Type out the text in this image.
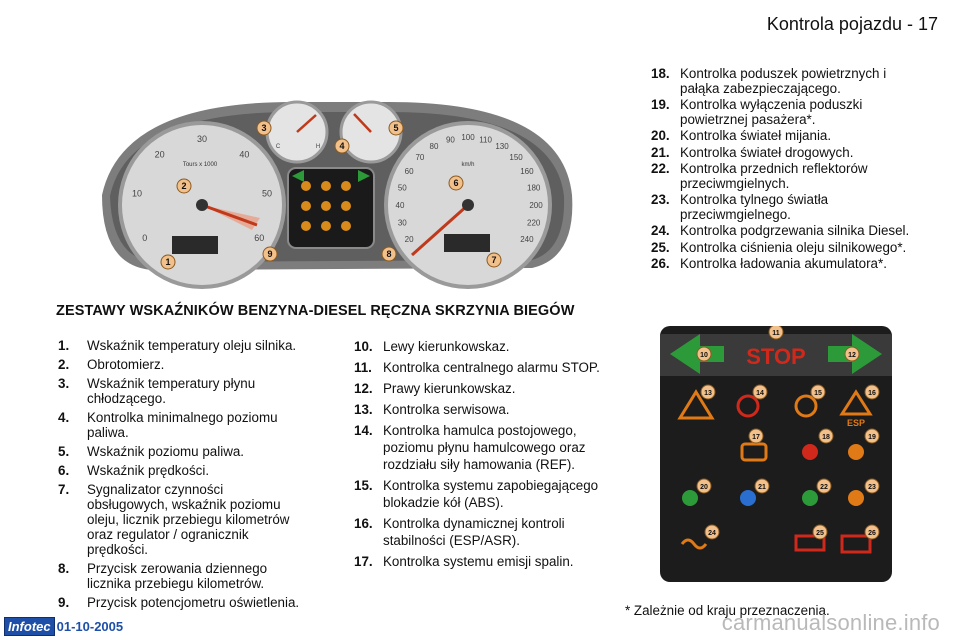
Kontrola pojazdu - 17
1
2
3
4
5
6
7
8
9
Tours x 1000	km/h
0
10
20
30
40
50
60	20
30
40
50
60
70
80
90 100 110
130
150
160
180
200
220
240
C	H
ZESTAWY WSKAŹNIKÓW BENZYNA-DIESEL RĘCZNA SKRZYNIA BIEGÓW
1.	Wskaźnik temperatury oleju silnika.
2.	Obrotomierz.
3.	Wskaźnik temperatury płynu chłodzącego.
4.	Kontrolka minimalnego poziomu paliwa.
5.	Wskaźnik poziomu paliwa.
6.	Wskaźnik prędkości.
7.	Sygnalizator czynności obsługowych, wskaźnik poziomu oleju, licznik przebiegu kilometrów oraz regulator / ogranicznik prędkości.
8.	Przycisk zerowania dziennego licznika przebiegu kilometrów.
9.	Przycisk potencjometru oświetlenia.
10. Lewy kierunkowskaz.
11. Kontrolka centralnego alarmu STOP.
12. Prawy kierunkowskaz.
13. Kontrolka serwisowa.
14. Kontrolka hamulca postojowego, poziomu płynu hamulcowego oraz rozdziału siły hamowania (REF).
15. Kontrolka systemu zapobiegającego blokadzie kół (ABS).
16. Kontrolka dynamicznej kontroli stabilności (ESP/ASR).
17. Kontrolka systemu emisji spalin.
18. Kontrolka poduszek powietrznych i pałąka zabezpieczającego.
19. Kontrolka wyłączenia poduszki powietrznej pasażera*.
20. Kontrolka świateł mijania.
21. Kontrolka świateł drogowych.
22. Kontrolka przednich reflektorów przeciwmgielnych.
23. Kontrolka tylnego światła przeciwmgielnego.
24. Kontrolka podgrzewania silnika Diesel.
25. Kontrolka ciśnienia oleju silnikowego*.
26. Kontrolka ładowania akumulatora*.
STOP
ESP
10
11
12
13	14	15	16
17	18	19
20	21	22	23
24	25	26
* Zależnie od kraju przeznaczenia.
Infotec 01-10-2005	carmanualsonline.info
